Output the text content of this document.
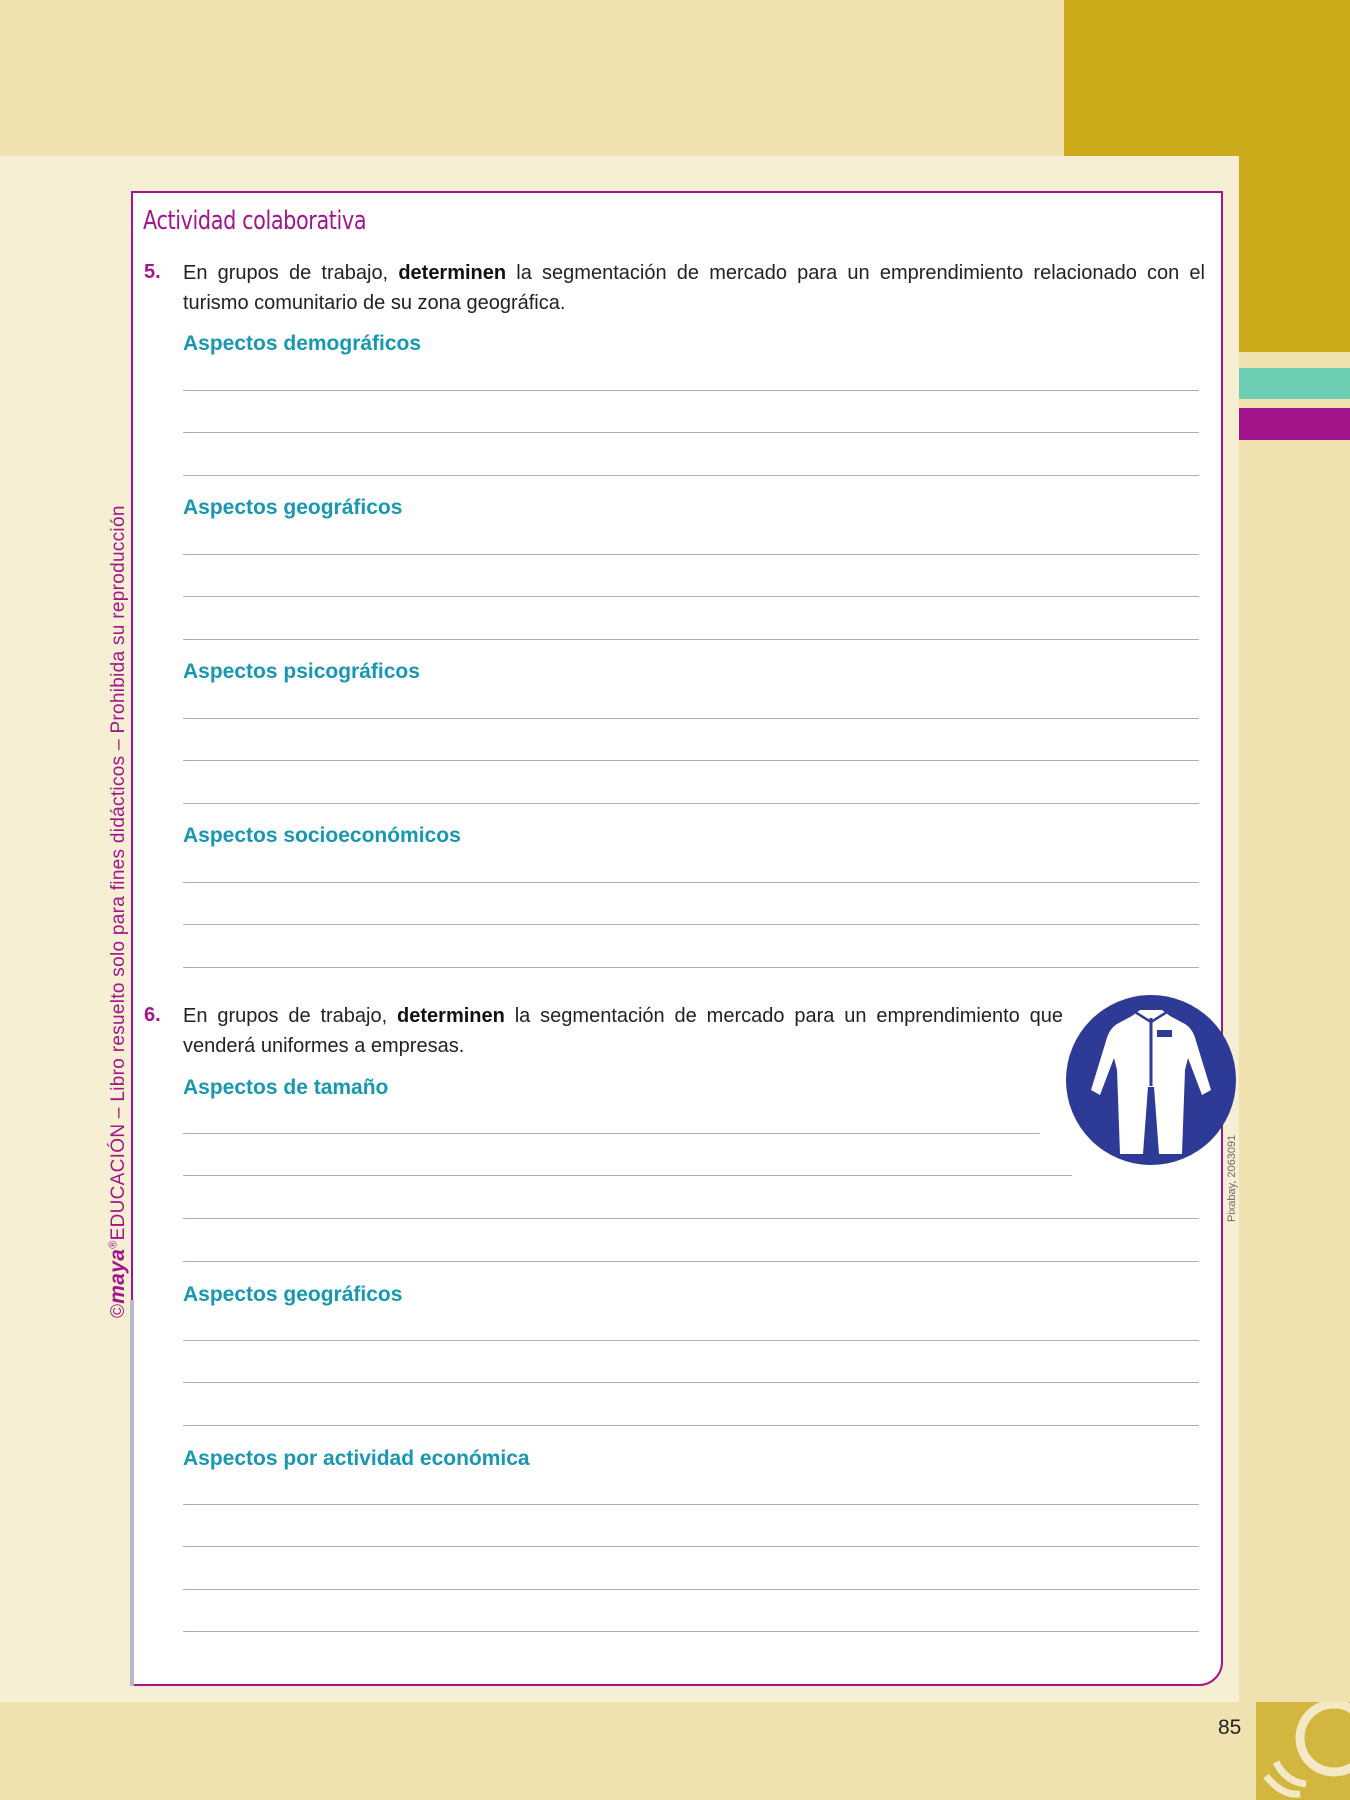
Actividad colaborativa
5. En grupos de trabajo, determinen la segmentación de mercado para un emprendimiento relacionado con el turismo comunitario de su zona geográfica.
Aspectos demográficos
Aspectos geográficos
Aspectos psicográficos
Aspectos socioeconómicos
6. En grupos de trabajo, determinen la segmentación de mercado para un emprendimiento que venderá uniformes a empresas.
Aspectos de tamaño
Aspectos geográficos
Aspectos por actividad económica
Pixabay, 2063091
©maya®EDUCACIÓN – Libro resuelto solo para fines didácticos – Prohibida su reproducción
85
